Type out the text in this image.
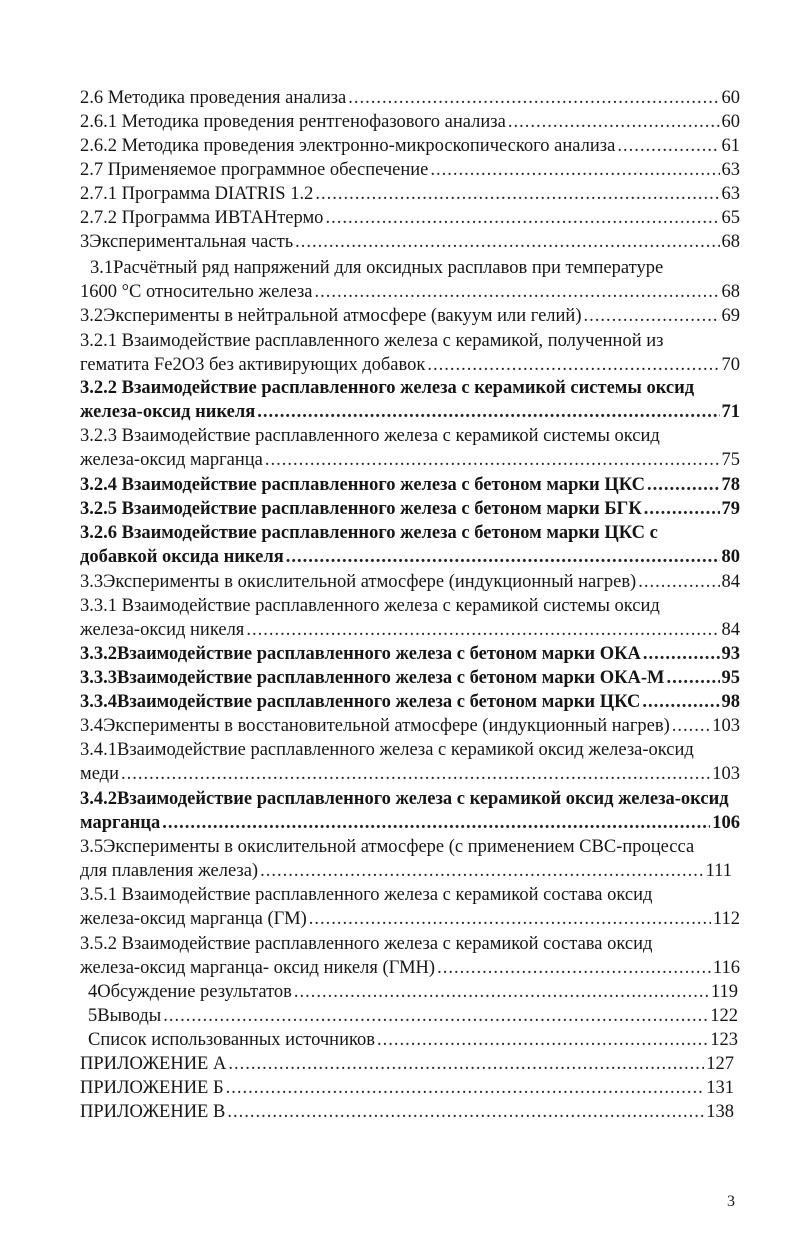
2.6 Методика проведения анализа .....	60
2.6.1 Методика проведения рентгенофазового анализа .....	60
2.6.2 Методика проведения электронно-микроскопического анализа .....	61
2.7 Применяемое программное обеспечение .....	63
2.7.1 Программа DIATRIS 1.2 .....	63
2.7.2 Программа ИВТАНтермо .....	65
3Экспериментальная часть .....	68
3.1Расчётный ряд напряжений для оксидных расплавов при температуре
1600 °С относительно железа .....	68
3.2Эксперименты в нейтральной атмосфере (вакуум или гелий) .....	69
3.2.1 Взаимодействие расплавленного железа с керамикой, полученной из
гематита Fe2O3 без активирующих добавок .....	70
3.2.2 Взаимодействие расплавленного железа с керамикой системы оксид
железа-оксид никеля .....	71
3.2.3 Взаимодействие расплавленного железа с керамикой системы оксид
железа-оксид марганца .....	75
3.2.4 Взаимодействие расплавленного железа с бетоном марки ЦКС .....	78
3.2.5 Взаимодействие расплавленного железа с бетоном марки БГК .....	79
3.2.6 Взаимодействие расплавленного железа с бетоном марки ЦКС с
добавкой оксида никеля .....	80
3.3Эксперименты в окислительной атмосфере (индукционный нагрев) .....	84
3.3.1 Взаимодействие расплавленного железа с керамикой системы оксид
железа-оксид никеля .....	84
3.3.2Взаимодействие расплавленного железа с бетоном марки ОКА .....	93
3.3.3Взаимодействие расплавленного железа с бетоном марки ОКА-М .....	95
3.3.4Взаимодействие расплавленного железа с бетоном марки ЦКС .....	98
3.4Эксперименты в восстановительной атмосфере (индукционный нагрев) ..... 103
3.4.1Взаимодействие расплавленного железа с керамикой оксид железа-оксид
меди .....	103
3.4.2Взаимодействие расплавленного железа с керамикой оксид железа-оксид
марганца .....	106
3.5Эксперименты в окислительной атмосфере (с применением СВС-процесса
для плавления железа) .....	111
3.5.1 Взаимодействие расплавленного железа с керамикой состава оксид
железа-оксид марганца (ГМ) .....	112
3.5.2 Взаимодействие расплавленного железа с керамикой состава оксид
железа-оксид марганца- оксид никеля (ГМН) .....	116
4Обсуждение результатов .....	119
5Выводы .....	122
Список использованных источников .....	123
ПРИЛОЖЕНИЕ А .....	127
ПРИЛОЖЕНИЕ Б .....	131
ПРИЛОЖЕНИЕ В .....	138
3
